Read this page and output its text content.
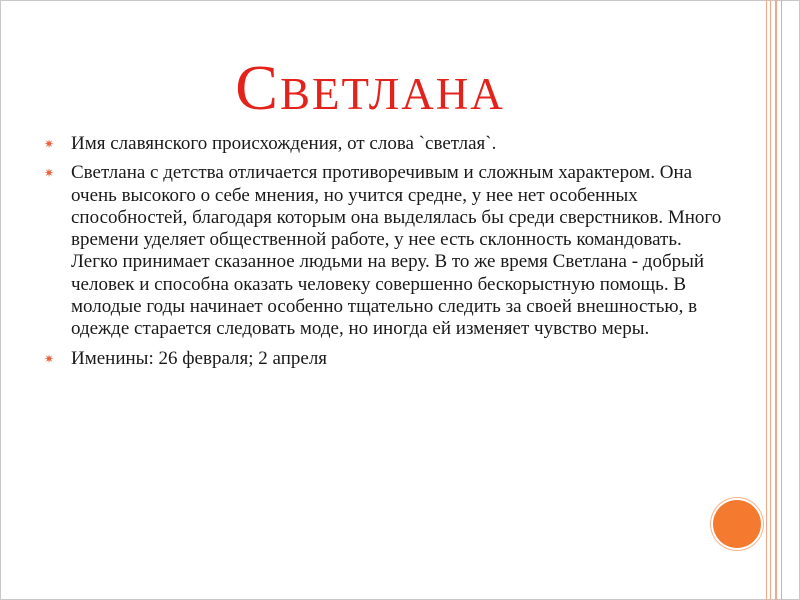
Светлана
✷ Имя славянского происхождения, от слова `светлая`.
✷ Светлана с детства отличается противоречивым и сложным характером. Она очень высокого о себе мнения, но учится средне, у нее нет особенных способностей, благодаря которым она выделялась бы среди сверстников. Много времени уделяет общественной работе, у нее есть склонность командовать. Легко принимает сказанное людьми на веру. В то же время Светлана - добрый человек и способна оказать человеку совершенно бескорыстную помощь. В молодые годы начинает особенно тщательно следить за своей внешностью, в одежде старается следовать моде, но иногда ей изменяет чувство меры.
✷ Именины: 26 февраля; 2 апреля
